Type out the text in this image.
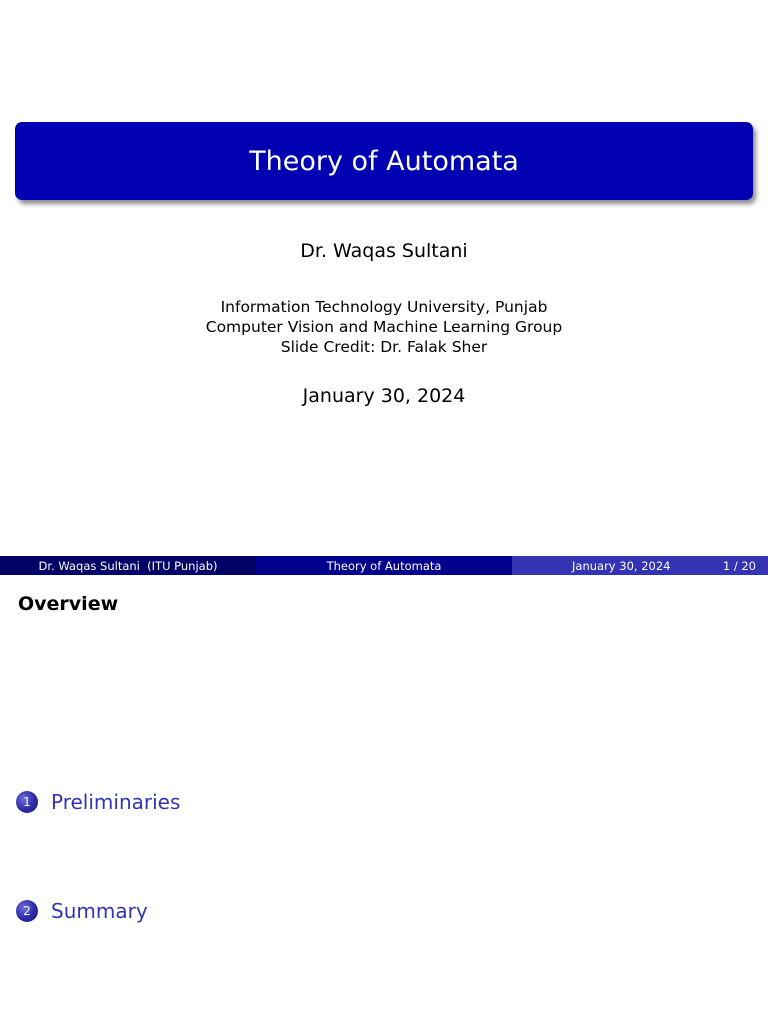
Theory of Automata
Dr. Waqas Sultani
Information Technology University, Punjab
Computer Vision and Machine Learning Group
Slide Credit: Dr. Falak Sher
January 30, 2024
Dr. Waqas Sultani  (ITU Punjab)	Theory of Automata	January 30, 2024	1 / 20
Overview
1	Preliminaries
2	Summary
